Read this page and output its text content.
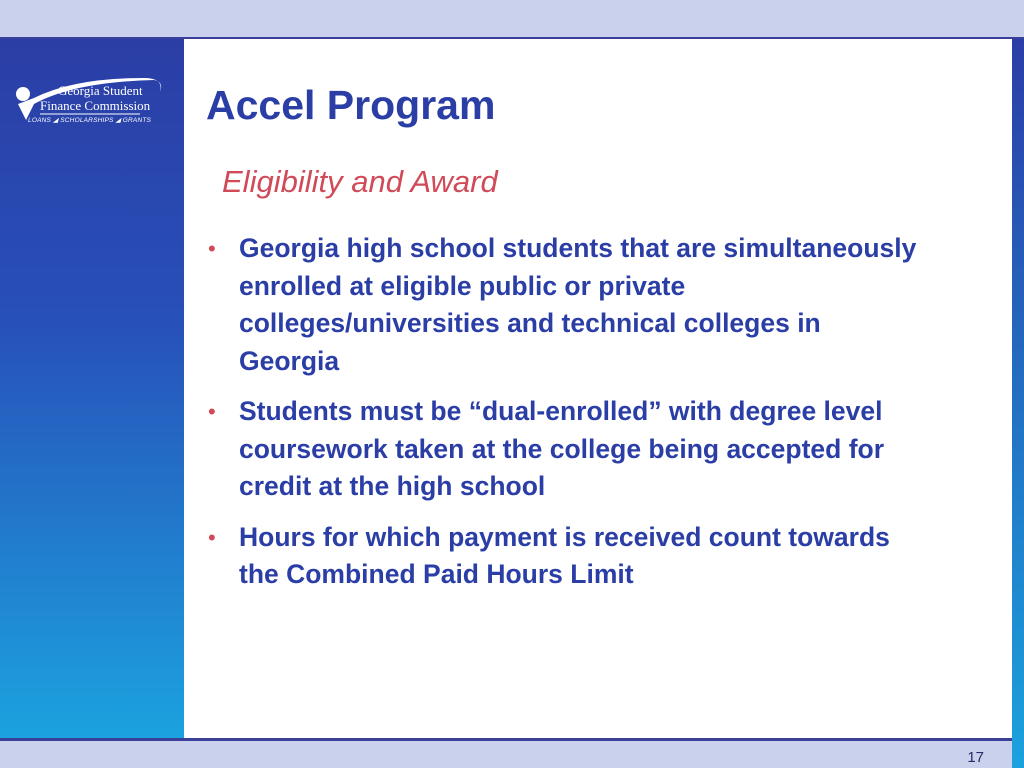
Georgia Student
Finance Commission
LOANS ◢ SCHOLARSHIPS ◢ GRANTS Accel Program
Eligibility and Award
• Georgia high school students that are simultaneously enrolled at eligible public or private colleges/universities and technical colleges in Georgia
• Students must be “dual-enrolled” with degree level coursework taken at the college being accepted for credit at the high school
• Hours for which payment is received count towards the Combined Paid Hours Limit
17
